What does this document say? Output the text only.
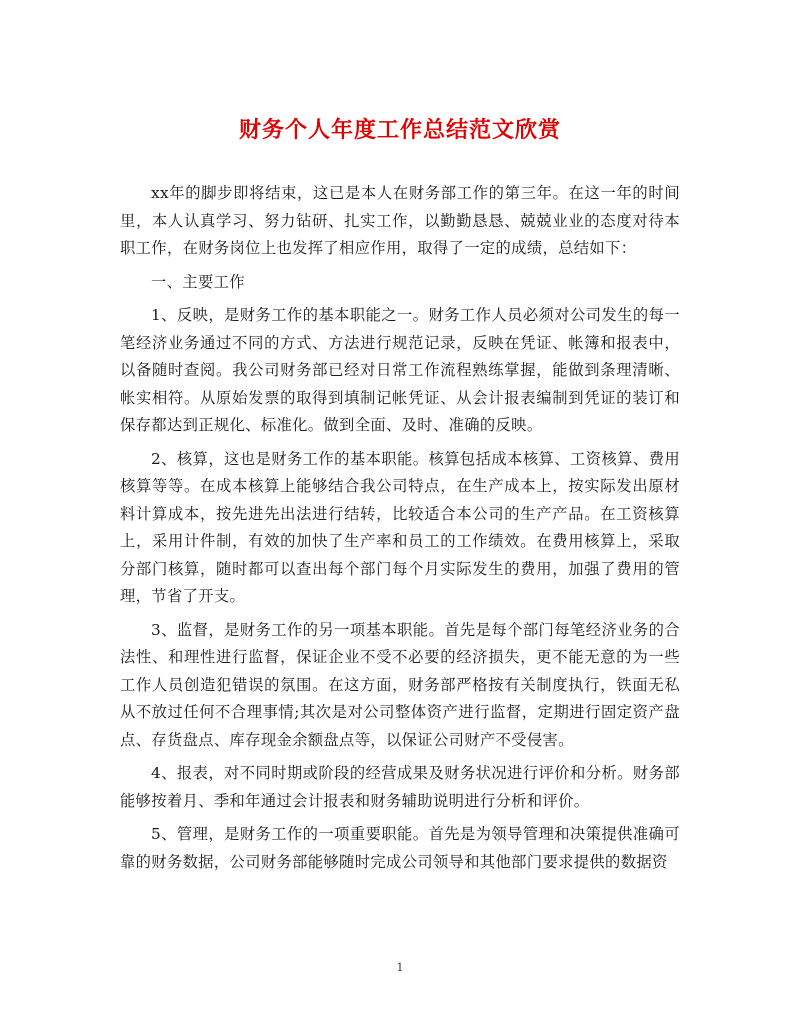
财务个人年度工作总结范文欣赏

xx年的脚步即将结束，这已是本人在财务部工作的第三年。在这一年的时间里，本人认真学习、努力钻研、扎实工作，以勤勤恳恳、兢兢业业的态度对待本职工作，在财务岗位上也发挥了相应作用，取得了一定的成绩，总结如下：

一、主要工作

1、反映，是财务工作的基本职能之一。财务工作人员必须对公司发生的每一笔经济业务通过不同的方式、方法进行规范记录，反映在凭证、帐簿和报表中，以备随时查阅。我公司财务部已经对日常工作流程熟练掌握，能做到条理清晰、帐实相符。从原始发票的取得到填制记帐凭证、从会计报表编制到凭证的装订和保存都达到正规化、标准化。做到全面、及时、准确的反映。

2、核算，这也是财务工作的基本职能。核算包括成本核算、工资核算、费用核算等等。在成本核算上能够结合我公司特点，在生产成本上，按实际发出原材料计算成本，按先进先出法进行结转，比较适合本公司的生产产品。在工资核算上，采用计件制，有效的加快了生产率和员工的工作绩效。在费用核算上，采取分部门核算，随时都可以查出每个部门每个月实际发生的费用，加强了费用的管理，节省了开支。

3、监督，是财务工作的另一项基本职能。首先是每个部门每笔经济业务的合法性、和理性进行监督，保证企业不受不必要的经济损失，更不能无意的为一些工作人员创造犯错误的氛围。在这方面，财务部严格按有关制度执行，铁面无私从不放过任何不合理事情;其次是对公司整体资产进行监督，定期进行固定资产盘点、存货盘点、库存现金余额盘点等，以保证公司财产不受侵害。

4、报表，对不同时期或阶段的经营成果及财务状况进行评价和分析。财务部能够按着月、季和年通过会计报表和财务辅助说明进行分析和评价。

5、管理，是财务工作的一项重要职能。首先是为领导管理和决策提供准确可靠的财务数据，公司财务部能够随时完成公司领导和其他部门要求提供的数据资

1
